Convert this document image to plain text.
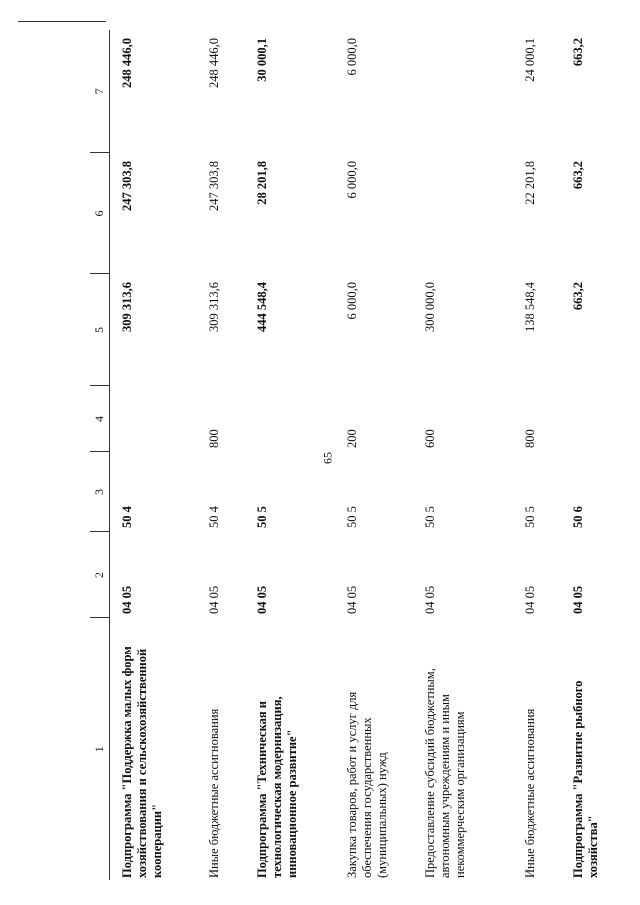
65
1	2	3	4	5	6	7
Подпрограмма "Поддержка малых форм хозяйствования и сельскохозяйственной кооперации"	04 05	50 4		309 313,6	247 303,8	248 446,0
Иные бюджетные ассигнования	04 05	50 4	800	309 313,6	247 303,8	248 446,0
Подпрограмма "Техническая и технологическая модернизация, инновационное развитие"	04 05	50 5		444 548,4	28 201,8	30 000,1
Закупка товаров, работ и услуг для обеспечения государственных (муниципальных) нужд	04 05	50 5	200	6 000,0	6 000,0	6 000,0
Предоставление субсидий бюджетным, автономным учреждениям и иным некоммерческим организациям	04 05	50 5	600	300 000,0		
Иные бюджетные ассигнования	04 05	50 5	800	138 548,4	22 201,8	24 000,1
Подпрограмма "Развитие рыбного хозяйства"	04 05	50 6		663,2	663,2	663,2
